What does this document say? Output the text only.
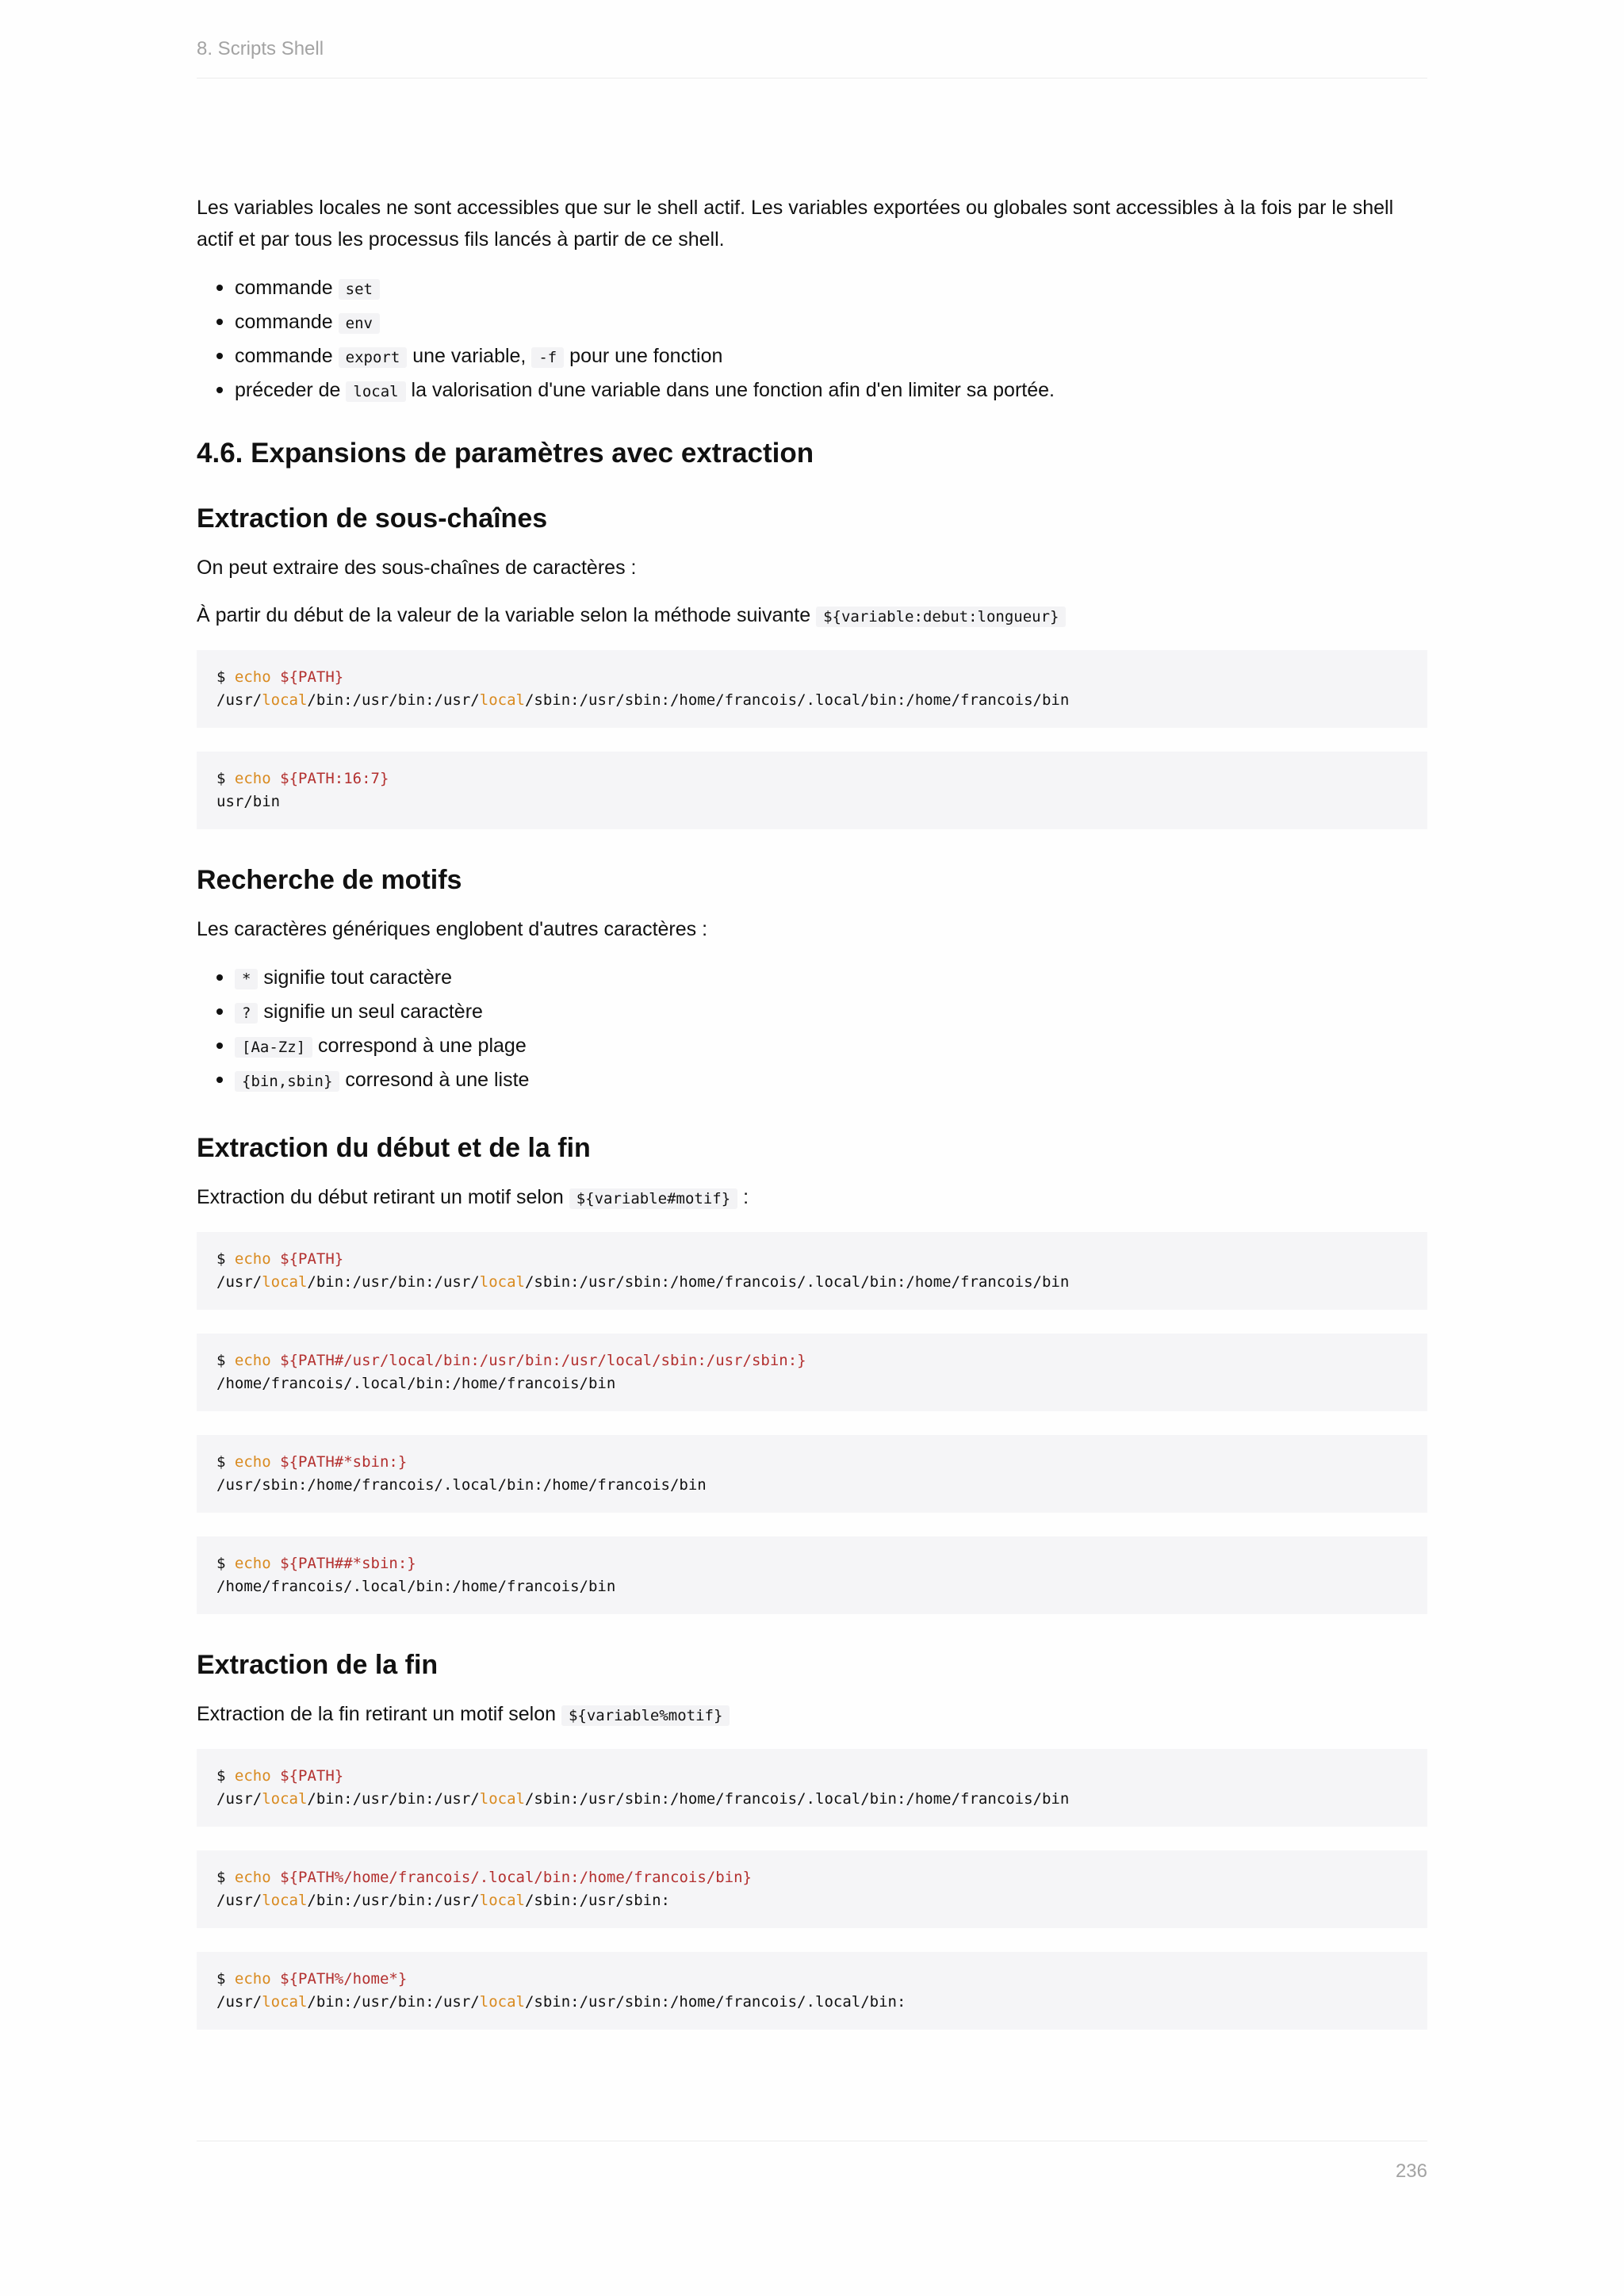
8. Scripts Shell

Les variables locales ne sont accessibles que sur le shell actif. Les variables exportées ou globales sont accessibles à la fois par le shell actif et par tous les processus fils lancés à partir de ce shell.

• commande set
• commande env
• commande export une variable, -f pour une fonction
• préceder de local la valorisation d'une variable dans une fonction afin d'en limiter sa portée.
4.6. Expansions de paramètres avec extraction
Extraction de sous-chaînes

On peut extraire des sous-chaînes de caractères :

À partir du début de la valeur de la variable selon la méthode suivante ${variable:debut:longueur}

$ echo ${PATH}
/usr/local/bin:/usr/bin:/usr/local/sbin:/usr/sbin:/home/francois/.local/bin:/home/francois/bin
$ echo ${PATH:16:7}
usr/bin
Recherche de motifs

Les caractères génériques englobent d'autres caractères :

• * signifie tout caractère
• ? signifie un seul caractère
• [Aa-Zz] correspond à une plage
• {bin,sbin} corresond à une liste
Extraction du début et de la fin

Extraction du début retirant un motif selon ${variable#motif} :

$ echo ${PATH}
/usr/local/bin:/usr/bin:/usr/local/sbin:/usr/sbin:/home/francois/.local/bin:/home/francois/bin
$ echo ${PATH#/usr/local/bin:/usr/bin:/usr/local/sbin:/usr/sbin:}
/home/francois/.local/bin:/home/francois/bin
$ echo ${PATH#*sbin:}
/usr/sbin:/home/francois/.local/bin:/home/francois/bin
$ echo ${PATH##*sbin:}
/home/francois/.local/bin:/home/francois/bin
Extraction de la fin

Extraction de la fin retirant un motif selon ${variable%motif}

$ echo ${PATH}
/usr/local/bin:/usr/bin:/usr/local/sbin:/usr/sbin:/home/francois/.local/bin:/home/francois/bin
$ echo ${PATH%/home/francois/.local/bin:/home/francois/bin}
/usr/local/bin:/usr/bin:/usr/local/sbin:/usr/sbin:
$ echo ${PATH%/home*}
/usr/local/bin:/usr/bin:/usr/local/sbin:/usr/sbin:/home/francois/.local/bin:
236
